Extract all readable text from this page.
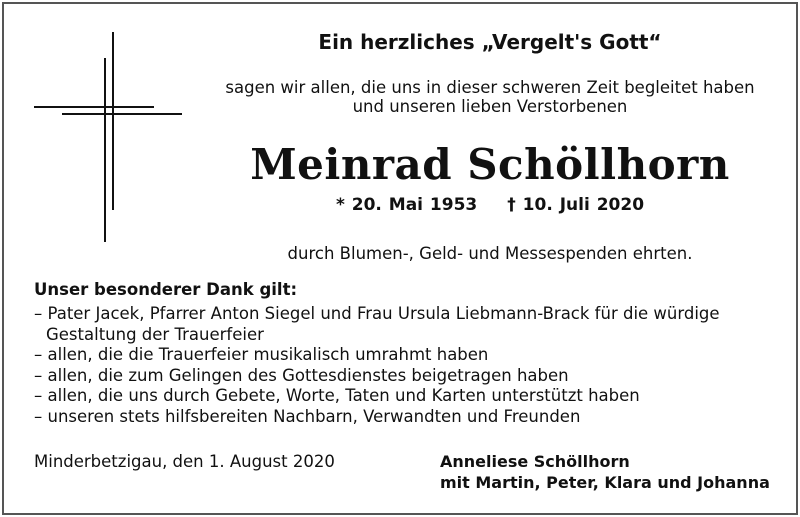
Ein herzliches „Vergelt's Gott“
sagen wir allen, die uns in dieser schweren Zeit begleitet haben
und unseren lieben Verstorbenen
Meinrad Schöllhorn
* 20. Mai 1953 † 10. Juli 2020
durch Blumen-, Geld- und Messespenden ehrten.
Unser besonderer Dank gilt:
– Pater Jacek, Pfarrer Anton Siegel und Frau Ursula Liebmann-Brack für die würdige Gestaltung der Trauerfeier
– allen, die die Trauerfeier musikalisch umrahmt haben
– allen, die zum Gelingen des Gottesdienstes beigetragen haben
– allen, die uns durch Gebete, Worte, Taten und Karten unterstützt haben
– unseren stets hilfsbereiten Nachbarn, Verwandten und Freunden
Minderbetzigau, den 1. August 2020	Anneliese Schöllhorn
mit Martin, Peter, Klara und Johanna
